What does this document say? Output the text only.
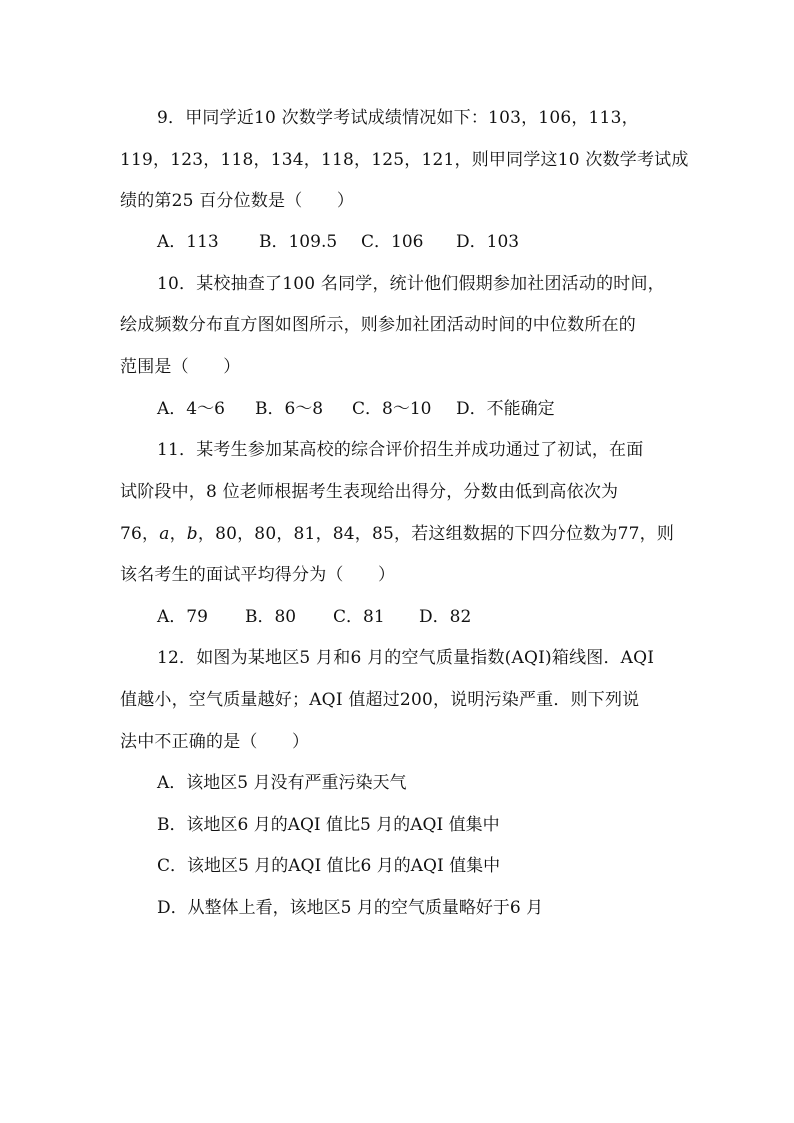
9．甲同学近10 次数学考试成绩情况如下：103，106，113，
119，123，118，134，118，125，121，则甲同学这10 次数学考试成
绩的第25 百分位数是（　　）
A．113 B．109.5 C．106 D．103
10．某校抽查了100 名同学，统计他们假期参加社团活动的时间，
绘成频数分布直方图如图所示，则参加社团活动时间的中位数所在的
范围是（　　）
A．4～6 B．6～8 C．8～10 D．不能确定
11．某考生参加某高校的综合评价招生并成功通过了初试，在面
试阶段中，8 位老师根据考生表现给出得分，分数由低到高依次为
76，a，b，80，80，81，84，85，若这组数据的下四分位数为77，则
该名考生的面试平均得分为（　　）
A．79 B．80 C．81 D．82
12．如图为某地区5 月和6 月的空气质量指数(AQI)箱线图．AQI
值越小，空气质量越好；AQI 值超过200，说明污染严重．则下列说
法中不正确的是（　　）
A．该地区5 月没有严重污染天气
B．该地区6 月的AQI 值比5 月的AQI 值集中
C．该地区5 月的AQI 值比6 月的AQI 值集中
D．从整体上看，该地区5 月的空气质量略好于6 月
